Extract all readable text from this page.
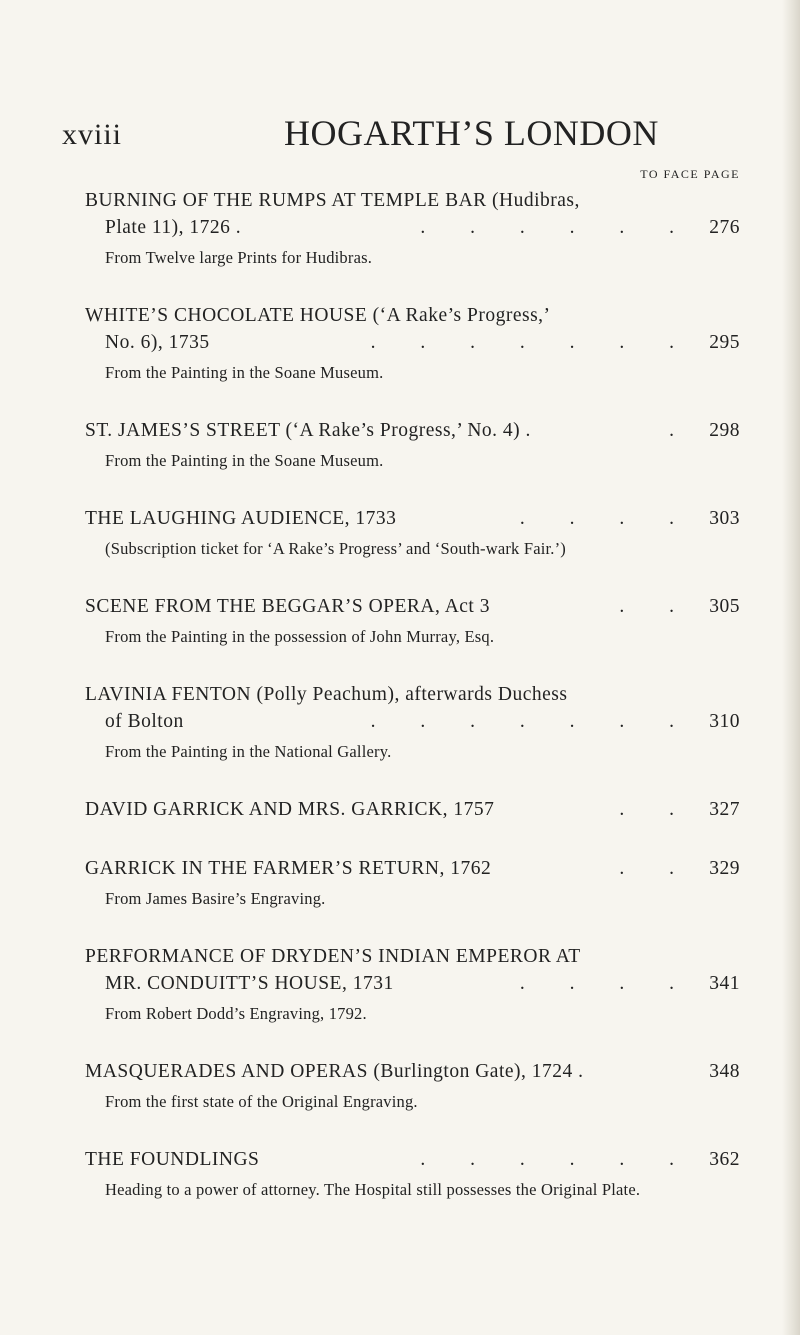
xviii	HOGARTH’S LONDON
TO FACE PAGE
BURNING OF THE RUMPS AT TEMPLE BAR (Hudibras,
Plate 11), 1726 .	. . . . . . 276
From Twelve large Prints for Hudibras.
WHITE’S CHOCOLATE HOUSE (‘A Rake’s Progress,’
No. 6), 1735	. . . . . . . 295
From the Painting in the Soane Museum.
ST. JAMES’S STREET (‘A Rake’s Progress,’ No. 4) .	. 298
From the Painting in the Soane Museum.
THE LAUGHING AUDIENCE, 1733	. . . . 303
(Subscription ticket for ‘A Rake’s Progress’ and ‘South-wark Fair.’)
SCENE FROM THE BEGGAR’S OPERA, Act 3	. . 305
From the Painting in the possession of John Murray, Esq.
LAVINIA FENTON (Polly Peachum), afterwards Duchess
of Bolton	. . . . . . . 310
From the Painting in the National Gallery.
DAVID GARRICK AND MRS. GARRICK, 1757	. . 327
GARRICK IN THE FARMER’S RETURN, 1762	. . 329
From James Basire’s Engraving.
PERFORMANCE OF DRYDEN’S INDIAN EMPEROR AT
MR. CONDUITT’S HOUSE, 1731	. . . . 341
From Robert Dodd’s Engraving, 1792.
MASQUERADES AND OPERAS (Burlington Gate), 1724 .	348
From the first state of the Original Engraving.
THE FOUNDLINGS	. . . . . . 362
Heading to a power of attorney. The Hospital still possesses the Original Plate.
